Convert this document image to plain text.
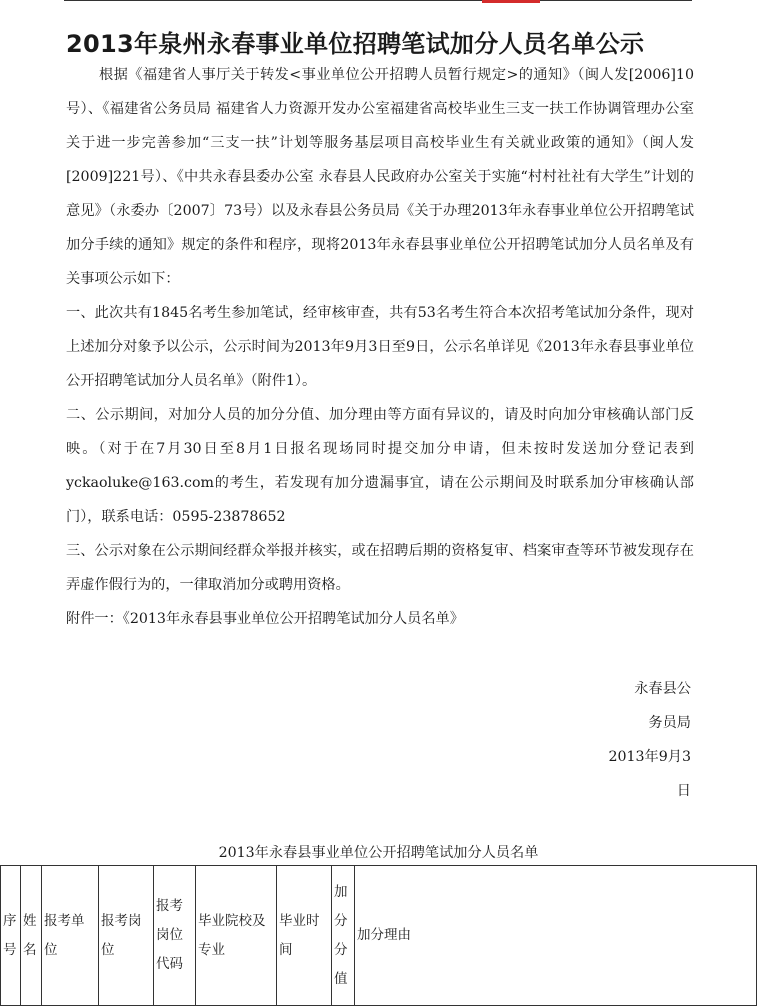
2013年泉州永春事业单位招聘笔试加分人员名单公示

根据《福建省人事厅关于转发<事业单位公开招聘人员暂行规定>的通知》（闽人发[2006]10号）、《福建省公务员局 福建省人力资源开发办公室福建省高校毕业生三支一扶工作协调管理办公室关于进一步完善参加“三支一扶”计划等服务基层项目高校毕业生有关就业政策的通知》（闽人发[2009]221号）、《中共永春县委办公室 永春县人民政府办公室关于实施“村村社社有大学生”计划的意见》（永委办〔2007〕73号）以及永春县公务员局《关于办理2013年永春事业单位公开招聘笔试加分手续的通知》规定的条件和程序，现将2013年永春县事业单位公开招聘笔试加分人员名单及有关事项公示如下：

一、此次共有1845名考生参加笔试，经审核审查，共有53名考生符合本次招考笔试加分条件，现对上述加分对象予以公示，公示时间为2013年9月3日至9日，公示名单详见《2013年永春县事业单位公开招聘笔试加分人员名单》（附件1）。

二、公示期间，对加分人员的加分分值、加分理由等方面有异议的，请及时向加分审核确认部门反映。（对于在7月30日至8月1日报名现场同时提交加分申请，但未按时发送加分登记表到yckaoluke@163.com的考生，若发现有加分遗漏事宜，请在公示期间及时联系加分审核确认部门），联系电话：0595-23878652

三、公示对象在公示期间经群众举报并核实，或在招聘后期的资格复审、档案审查等环节被发现存在弄虚作假行为的，一律取消加分或聘用资格。

附件一：《2013年永春县事业单位公开招聘笔试加分人员名单》

永春县公
务员局
2013年9月3
日
2013年永春县事业单位公开招聘笔试加分人员名单
序号	姓名	报考单位	报考岗位	报考岗位代码	毕业院校及专业	毕业时间	加分分值	加分理由
